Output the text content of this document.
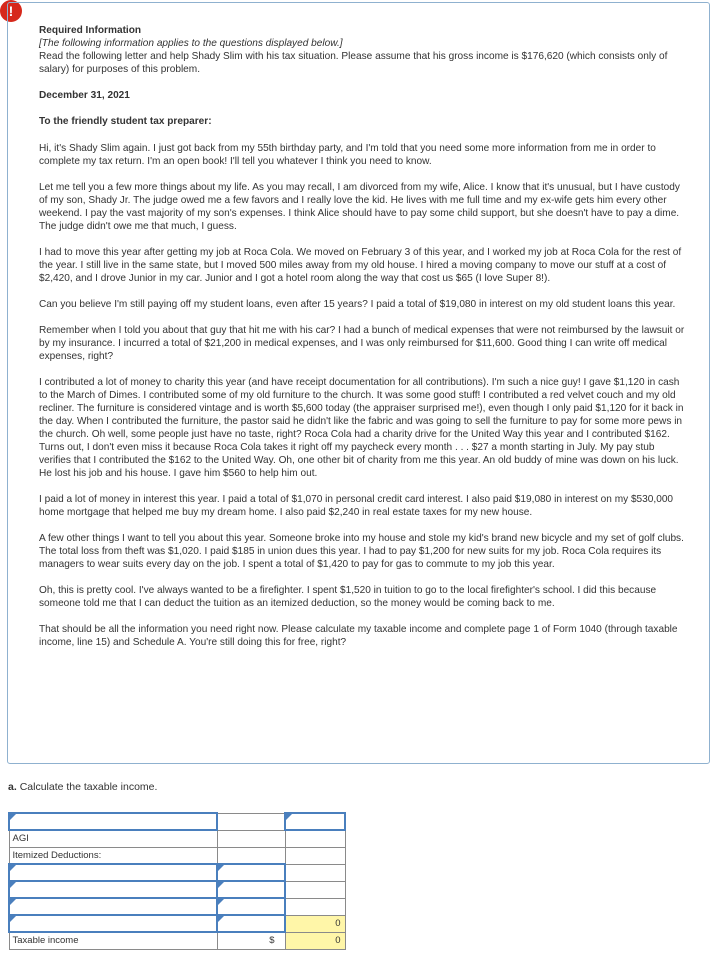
!

Required Information

[The following information applies to the questions displayed below.]

Read the following letter and help Shady Slim with his tax situation. Please assume that his gross income is $176,620 (which consists only of salary) for purposes of this problem.

December 31, 2021

To the friendly student tax preparer:

Hi, it's Shady Slim again. I just got back from my 55th birthday party, and I'm told that you need some more information from me in order to complete my tax return. I'm an open book! I'll tell you whatever I think you need to know.

Let me tell you a few more things about my life. As you may recall, I am divorced from my wife, Alice. I know that it's unusual, but I have custody of my son, Shady Jr. The judge owed me a few favors and I really love the kid. He lives with me full time and my ex-wife gets him every other weekend. I pay the vast majority of my son's expenses. I think Alice should have to pay some child support, but she doesn't have to pay a dime. The judge didn't owe me that much, I guess.

I had to move this year after getting my job at Roca Cola. We moved on February 3 of this year, and I worked my job at Roca Cola for the rest of the year. I still live in the same state, but I moved 500 miles away from my old house. I hired a moving company to move our stuff at a cost of $2,420, and I drove Junior in my car. Junior and I got a hotel room along the way that cost us $65 (I love Super 8!).

Can you believe I'm still paying off my student loans, even after 15 years? I paid a total of $19,080 in interest on my old student loans this year.

Remember when I told you about that guy that hit me with his car? I had a bunch of medical expenses that were not reimbursed by the lawsuit or by my insurance. I incurred a total of $21,200 in medical expenses, and I was only reimbursed for $11,600. Good thing I can write off medical expenses, right?

I contributed a lot of money to charity this year (and have receipt documentation for all contributions). I'm such a nice guy! I gave $1,120 in cash to the March of Dimes. I contributed some of my old furniture to the church. It was some good stuff! I contributed a red velvet couch and my old recliner. The furniture is considered vintage and is worth $5,600 today (the appraiser surprised me!), even though I only paid $1,120 for it back in the day. When I contributed the furniture, the pastor said he didn't like the fabric and was going to sell the furniture to pay for some more pews in the church. Oh well, some people just have no taste, right? Roca Cola had a charity drive for the United Way this year and I contributed $162. Turns out, I don't even miss it because Roca Cola takes it right off my paycheck every month . . . $27 a month starting in July. My pay stub verifies that I contributed the $162 to the United Way. Oh, one other bit of charity from me this year. An old buddy of mine was down on his luck. He lost his job and his house. I gave him $560 to help him out.

I paid a lot of money in interest this year. I paid a total of $1,070 in personal credit card interest. I also paid $19,080 in interest on my $530,000 home mortgage that helped me buy my dream home. I also paid $2,240 in real estate taxes for my new house.

A few other things I want to tell you about this year. Someone broke into my house and stole my kid's brand new bicycle and my set of golf clubs. The total loss from theft was $1,020. I paid $185 in union dues this year. I had to pay $1,200 for new suits for my job. Roca Cola requires its managers to wear suits every day on the job. I spent a total of $1,420 to pay for gas to commute to my job this year.

Oh, this is pretty cool. I've always wanted to be a firefighter. I spent $1,520 in tuition to go to the local firefighter's school. I did this because someone told me that I can deduct the tuition as an itemized deduction, so the money would be coming back to me.

That should be all the information you need right now. Please calculate my taxable income and complete page 1 of Form 1040 (through taxable income, line 15) and Schedule A. You're still doing this for free, right?

a. Calculate the taxable income.

AGI		
Itemized Deductions:		

		0
Taxable income	$	0
